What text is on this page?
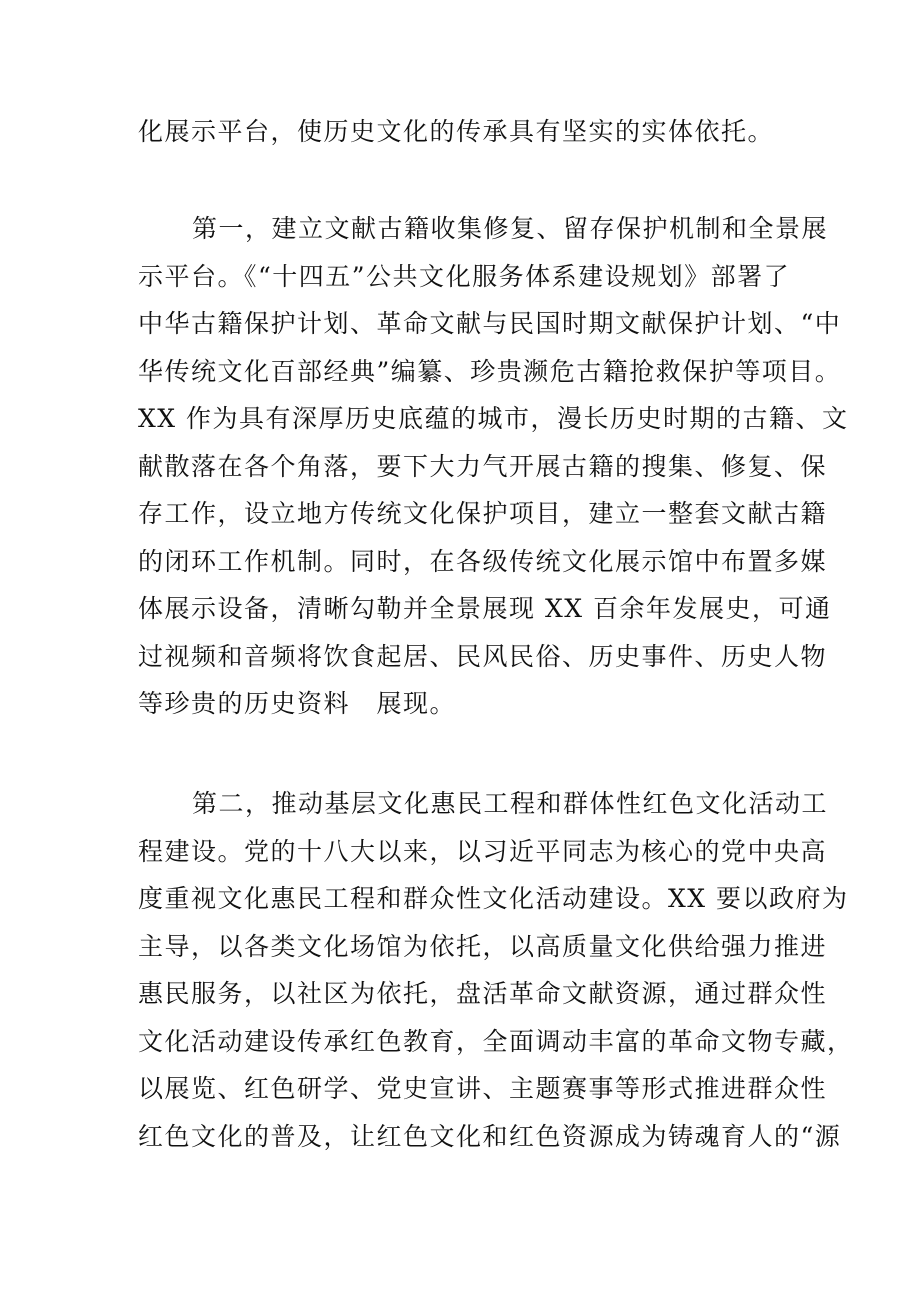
化展示平台，使历史文化的传承具有坚实的实体依托。
第一，建立文献古籍收集修复、留存保护机制和全景展
示平台。《“十四五”公共文化服务体系建设规划》部署了
中华古籍保护计划、革命文献与民国时期文献保护计划、“中
华传统文化百部经典”编纂、珍贵濒危古籍抢救保护等项目。
XX 作为具有深厚历史底蕴的城市，漫长历史时期的古籍、文
献散落在各个角落，要下大力气开展古籍的搜集、修复、保
存工作，设立地方传统文化保护项目，建立一整套文献古籍
的闭环工作机制。同时，在各级传统文化展示馆中布置多媒
体展示设备，清晰勾勒并全景展现 XX 百余年发展史，可通
过视频和音频将饮食起居、民风民俗、历史事件、历史人物
等珍贵的历史资料　展现。
第二，推动基层文化惠民工程和群体性红色文化活动工
程建设。党的十八大以来，以习近平同志为核心的党中央高
度重视文化惠民工程和群众性文化活动建设。XX 要以政府为
主导，以各类文化场馆为依托，以高质量文化供给强力推进
惠民服务，以社区为依托，盘活革命文献资源，通过群众性
文化活动建设传承红色教育，全面调动丰富的革命文物专藏，
以展览、红色研学、党史宣讲、主题赛事等形式推进群众性
红色文化的普及，让红色文化和红色资源成为铸魂育人的“源
